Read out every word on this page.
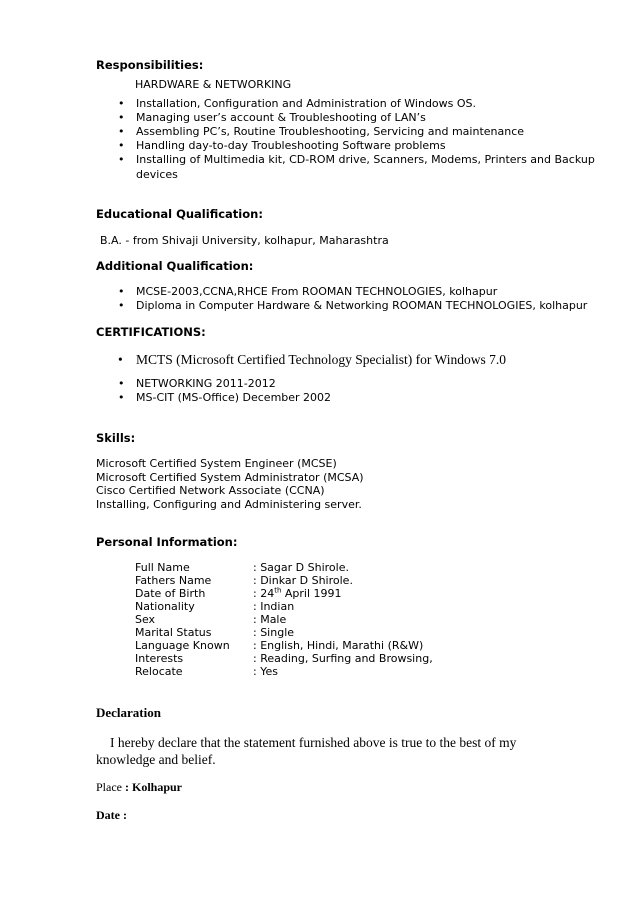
Responsibilities:
HARDWARE & NETWORKING
• Installation, Configuration and Administration of Windows OS.
• Managing user’s account & Troubleshooting of LAN’s
• Assembling PC’s, Routine Troubleshooting, Servicing and maintenance
• Handling day-to-day Troubleshooting Software problems
• Installing of Multimedia kit, CD-ROM drive, Scanners, Modems, Printers and Backup
devices
Educational Qualification:
B.A. - from Shivaji University, kolhapur, Maharashtra
Additional Qualification:
• MCSE-2003,CCNA,RHCE From ROOMAN TECHNOLOGIES, kolhapur
• Diploma in Computer Hardware & Networking ROOMAN TECHNOLOGIES, kolhapur
CERTIFICATIONS:
• MCTS (Microsoft Certified Technology Specialist) for Windows 7.0
• NETWORKING 2011-2012
• MS-CIT (MS-Office) December 2002
Skills:
Microsoft Certified System Engineer (MCSE)
Microsoft Certified System Administrator (MCSA)
Cisco Certified Network Associate (CCNA)
Installing, Configuring and Administering server.
Personal Information:
Full Name	: Sagar D Shirole.
Fathers Name	: Dinkar D Shirole.
Date of Birth	: 24th April 1991
Nationality	: Indian
Sex	: Male
Marital Status	: Single
Language Known : English, Hindi, Marathi (R&W)
Interests	: Reading, Surfing and Browsing,
Relocate	: Yes
Declaration
I hereby declare that the statement furnished above is true to the best of my
knowledge and belief.
Place : Kolhapur
Date :
